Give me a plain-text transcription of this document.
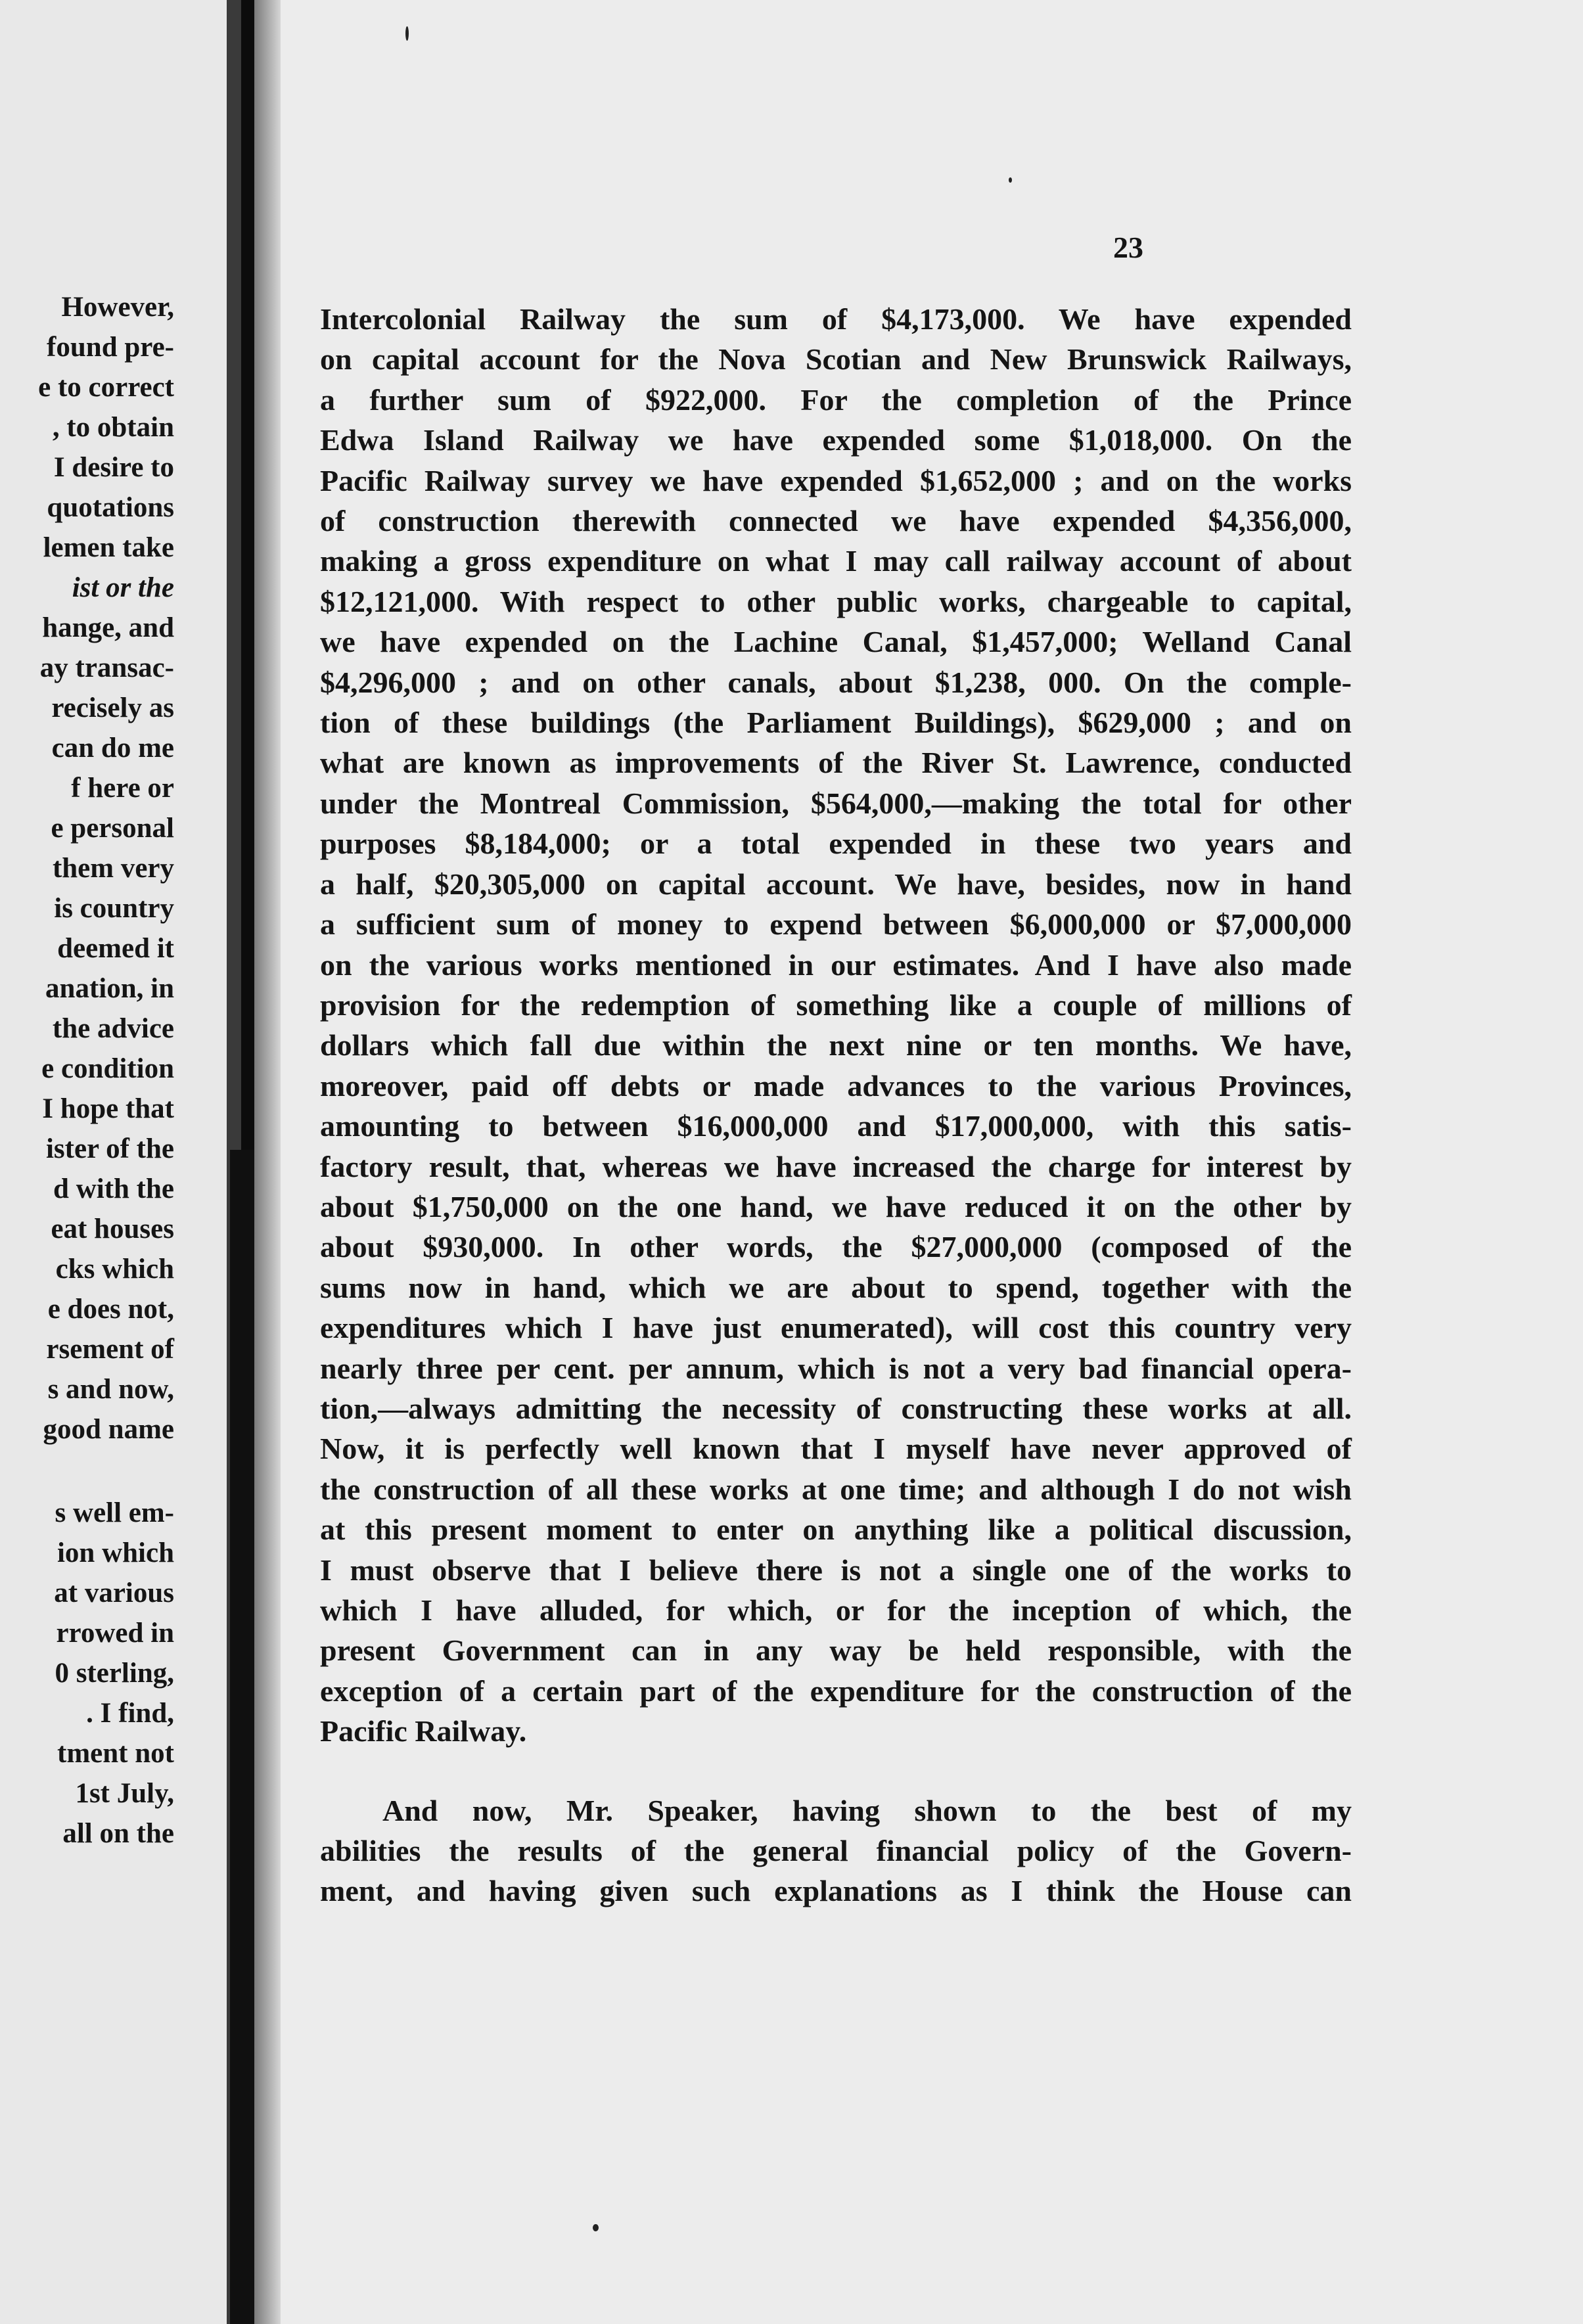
However,
found pre-
e to correct
, to obtain
I desire to
quotations
lemen take
ist or the
hange, and
ay transac-
recisely as
can do me
f here or
e personal
them very
is country
deemed it
anation, in
the advice
e condition
I hope that
ister of the
d with the
eat houses
cks which
e does not,
rsement of
s and now,
good name
s well em-
ion which
at various
rrowed in
0 sterling,
. I find,
tment not
1st July,
all on the
23
Intercolonial Railway the sum of $4,173,000. We have expended
on capital account for the Nova Scotian and New Brunswick Railways,
a further sum of $922,000. For the completion of the Prince
Edwa Island Railway we have expended some $1,018,000. On the
Pacific Railway survey we have expended $1,652,000 ; and on the works
of construction therewith connected we have expended $4,356,000,
making a gross expenditure on what I may call railway account of about
$12,121,000. With respect to other public works, chargeable to capital,
we have expended on the Lachine Canal, $1,457,000; Welland Canal
$4,296,000 ; and on other canals, about $1,238, 000. On the comple-
tion of these buildings (the Parliament Buildings), $629,000 ; and on
what are known as improvements of the River St. Lawrence, conducted
under the Montreal Commission, $564,000,—making the total for other
purposes $8,184,000; or a total expended in these two years and
a half, $20,305,000 on capital account. We have, besides, now in hand
a sufficient sum of money to expend between $6,000,000 or $7,000,000
on the various works mentioned in our estimates. And I have also made
provision for the redemption of something like a couple of millions of
dollars which fall due within the next nine or ten months. We have,
moreover, paid off debts or made advances to the various Provinces,
amounting to between $16,000,000 and $17,000,000, with this satis-
factory result, that, whereas we have increased the charge for interest by
about $1,750,000 on the one hand, we have reduced it on the other by
about $930,000. In other words, the $27,000,000 (composed of the
sums now in hand, which we are about to spend, together with the
expenditures which I have just enumerated), will cost this country very
nearly three per cent. per annum, which is not a very bad financial opera-
tion,—always admitting the necessity of constructing these works at all.
Now, it is perfectly well known that I myself have never approved of
the construction of all these works at one time; and although I do not wish
at this present moment to enter on anything like a political discussion,
I must observe that I believe there is not a single one of the works to
which I have alluded, for which, or for the inception of which, the
present Government can in any way be held responsible, with the
exception of a certain part of the expenditure for the construction of the
Pacific Railway.
And now, Mr. Speaker, having shown to the best of my
abilities the results of the general financial policy of the Govern-
ment, and having given such explanations as I think the House can
